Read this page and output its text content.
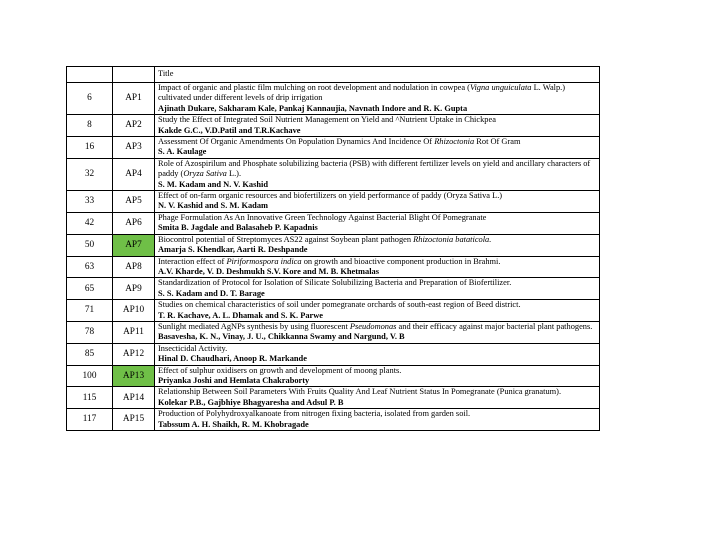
		Title
6	AP1	Impact of organic and plastic film mulching on root development and nodulation in cowpea (Vigna unguiculata L. Walp.) cultivated under different levels of drip irrigation
Ajinath Dukare, Sakharam Kale, Pankaj Kannaujia, Navnath Indore and R. K. Gupta

8	AP2	Study the Effect of Integrated Soil Nutrient Management on Yield and ^Nutrient Uptake in Chickpea
Kakde G.C., V.D.Patil and T.R.Kachave

16	AP3	Assessment Of Organic Amendments On Population Dynamics And Incidence Of Rhizoctonia Rot Of Gram
S. A. Kaulage

32	AP4	Role of Azospirilum and Phosphate solubilizing bacteria (PSB) with different fertilizer levels on yield and ancillary characters of paddy (Oryza Sativa L.).
S. M. Kadam and N. V. Kashid

33	AP5	Effect of on-farm organic resources and biofertilizers on yield performance of paddy (Oryza Sativa L.)
N. V. Kashid and S. M. Kadam

42	AP6	Phage Formulation As An Innovative Green Technology Against Bacterial Blight Of Pomegranate
Smita B. Jagdale and Balasaheb P. Kapadnis

50	AP7	Biocontrol potential of Streptomyces AS22 against Soybean plant pathogen Rhizoctonia bataticola.
Amarja S. Khendkar, Aarti R. Deshpande

63	AP8	Interaction effect of Piriformospora indica on growth and bioactive component production in Brahmi.
A.V. Kharde, V. D. Deshmukh S.V. Kore and M. B. Khetmalas

65	AP9	Standardization of Protocol for Isolation of Silicate Solubilizing Bacteria and Preparation of Biofertilizer.
S. S. Kadam and D. T. Barage

71	AP10	Studies on chemical characteristics of soil under pomegranate orchards of south-east region of Beed district.
T. R. Kachave, A. L. Dhamak and S. K. Parwe

78	AP11	Sunlight mediated AgNPs synthesis by using fluorescent Pseudomonas and their efficacy against major bacterial plant pathogens.
Basavesha, K. N., Vinay, J. U., Chikkanna Swamy and Nargund, V. B

85	AP12	Insecticidal Activity.
Hinal D. Chaudhari, Anoop R. Markande

100	AP13	Effect of sulphur oxidisers on growth and development of moong plants.
Priyanka Joshi and Hemlata Chakraborty

115	AP14	Relationship Between Soil Parameters With Fruits Quality And Leaf Nutrient Status In Pomegranate (Punica granatum).
Kolekar P.B., Gajbhiye Bhagyaresha and Adsul P. B

117	AP15	Production of Polyhydroxyalkanoate from nitrogen fixing bacteria, isolated from garden soil.
Tabssum A. H. Shaikh, R. M. Khobragade
